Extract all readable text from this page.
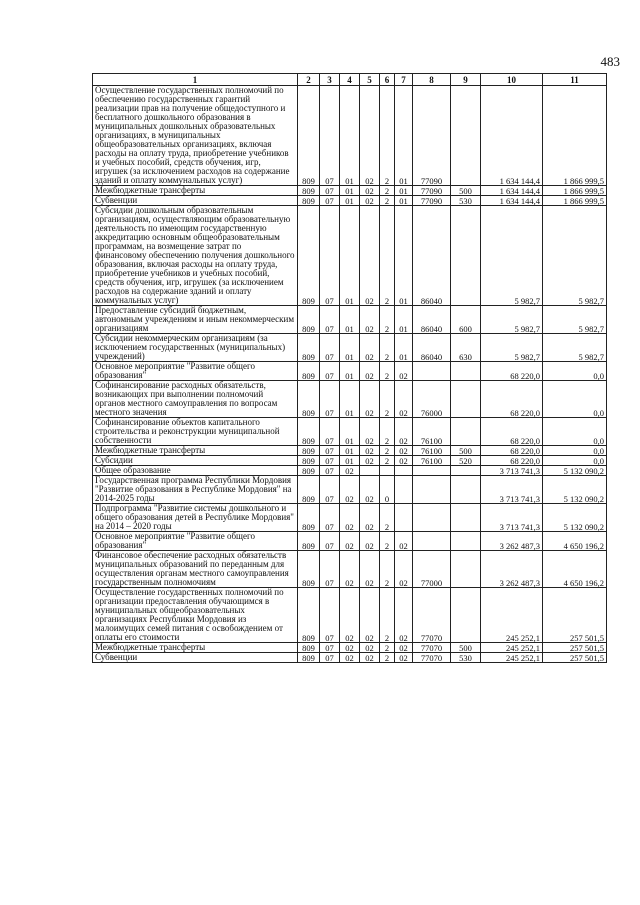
483
1	2	3	4	5	6	7	8	9	10	11
Осуществление государственных полномочий по обеспечению государственных гарантий реализации прав на получение общедоступного и бесплатного дошкольного образования в муниципальных дошкольных образовательных организациях, в муниципальных общеобразовательных организациях, включая расходы на оплату труда, приобретение учебников и учебных пособий, средств обучения, игр, игрушек (за исключением расходов на содержание зданий и оплату коммунальных услуг)	809	07	01	02	2	01	77090		1 634 144,4	1 866 999,5
Межбюджетные трансферты	809	07	01	02	2	01	77090	500	1 634 144,4	1 866 999,5
Субвенции	809	07	01	02	2	01	77090	530	1 634 144,4	1 866 999,5
Субсидии дошкольным образовательным организациям, осуществляющим образовательную деятельность по имеющим государственную аккредитацию основным общеобразовательным программам, на возмещение затрат по финансовому обеспечению получения дошкольного образования, включая расходы на оплату труда, приобретение учебников и учебных пособий, средств обучения, игр, игрушек (за исключением расходов на содержание зданий и оплату коммунальных услуг)	809	07	01	02	2	01	86040		5 982,7	5 982,7
Предоставление субсидий бюджетным, автономным учреждениям и иным некоммерческим организациям	809	07	01	02	2	01	86040	600	5 982,7	5 982,7
Субсидии некоммерческим организациям (за исключением государственных (муниципальных) учреждений)	809	07	01	02	2	01	86040	630	5 982,7	5 982,7
Основное мероприятие "Развитие общего образования"	809	07	01	02	2	02			68 220,0	0,0
Софинансирование расходных обязательств, возникающих при выполнении полномочий органов местного самоуправления по вопросам местного значения	809	07	01	02	2	02	76000		68 220,0	0,0
Софинансирование объектов капитального строительства и реконструкции муниципальной собственности	809	07	01	02	2	02	76100		68 220,0	0,0
Межбюджетные трансферты	809	07	01	02	2	02	76100	500	68 220,0	0,0
Субсидии	809	07	01	02	2	02	76100	520	68 220,0	0,0
Общее образование	809	07	02						3 713 741,3	5 132 090,2
Государственная программа Республики Мордовия "Развитие образования в Республике Мордовия" на 2014-2025 годы	809	07	02	02	0				3 713 741,3	5 132 090,2
Подпрограмма "Развитие системы дошкольного и общего образования детей в Республике Мордовия" на 2014 – 2020 годы	809	07	02	02	2				3 713 741,3	5 132 090,2
Основное мероприятие "Развитие общего образования"	809	07	02	02	2	02			3 262 487,3	4 650 196,2
Финансовое обеспечение расходных обязательств муниципальных образований по переданным для осуществления органам местного самоуправления государственным полномочиям	809	07	02	02	2	02	77000		3 262 487,3	4 650 196,2
Осуществление государственных полномочий по организации предоставления обучающимся в муниципальных общеобразовательных организациях Республики Мордовия из малоимущих семей питания с освобождением от оплаты его стоимости	809	07	02	02	2	02	77070		245 252,1	257 501,5
Межбюджетные трансферты	809	07	02	02	2	02	77070	500	245 252,1	257 501,5
Субвенции	809	07	02	02	2	02	77070	530	245 252,1	257 501,5
